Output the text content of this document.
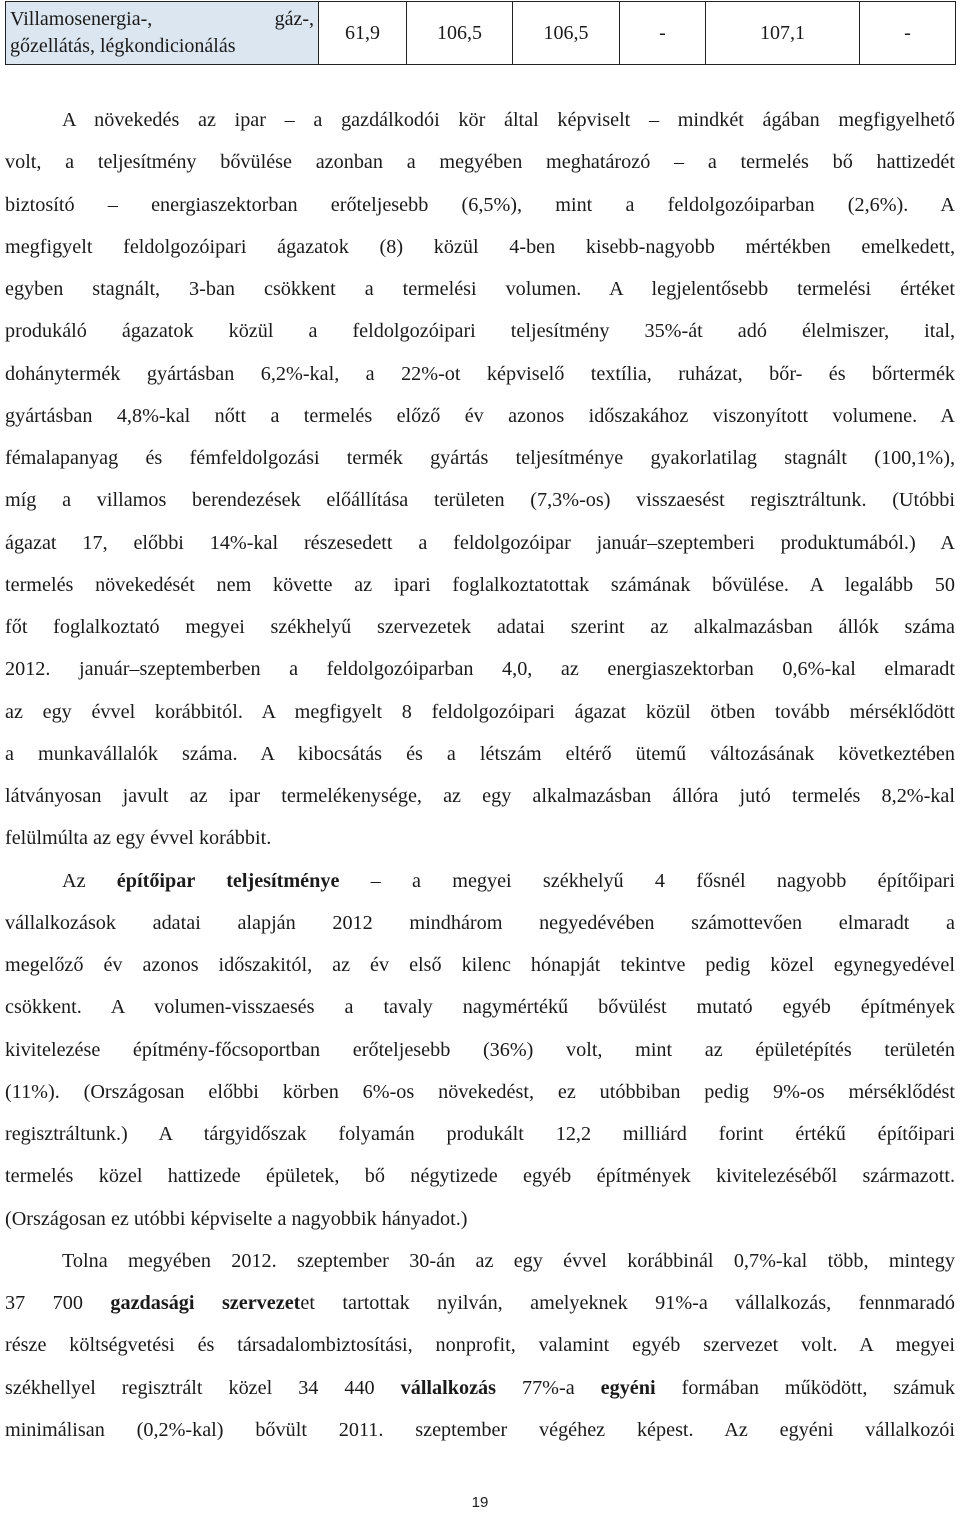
Villamosenergia-, gáz-,
gőzellátás, légkondicionálás
	61,9	106,5	106,5	-	107,1	-
A növekedés az ipar – a gazdálkodói kör által képviselt – mindkét ágában megfigyelhető
volt, a teljesítmény bővülése azonban a megyében meghatározó – a termelés bő hattizedét
biztosító – energiaszektorban erőteljesebb (6,5%), mint a feldolgozóiparban (2,6%). A
megfigyelt feldolgozóipari ágazatok (8) közül 4-ben kisebb-nagyobb mértékben emelkedett,
egyben stagnált, 3-ban csökkent a termelési volumen. A legjelentősebb termelési értéket
produkáló ágazatok közül a feldolgozóipari teljesítmény 35%-át adó élelmiszer, ital,
dohánytermék gyártásban 6,2%-kal, a 22%-ot képviselő textília, ruházat, bőr- és bőrtermék
gyártásban 4,8%-kal nőtt a termelés előző év azonos időszakához viszonyított volumene. A
fémalapanyag és fémfeldolgozási termék gyártás teljesítménye gyakorlatilag stagnált (100,1%),
míg a villamos berendezések előállítása területen (7,3%-os) visszaesést regisztráltunk. (Utóbbi
ágazat 17, előbbi 14%-kal részesedett a feldolgozóipar január–szeptemberi produktumából.) A
termelés növekedését nem követte az ipari foglalkoztatottak számának bővülése. A legalább 50
főt foglalkoztató megyei székhelyű szervezetek adatai szerint az alkalmazásban állók száma
2012. január–szeptemberben a feldolgozóiparban 4,0, az energiaszektorban 0,6%-kal elmaradt
az egy évvel korábbitól. A megfigyelt 8 feldolgozóipari ágazat közül ötben tovább mérséklődött
a munkavállalók száma. A kibocsátás és a létszám eltérő ütemű változásának következtében
látványosan javult az ipar termelékenysége, az egy alkalmazásban állóra jutó termelés 8,2%-kal
felülmúlta az egy évvel korábbit.
Az építőipar teljesítménye – a megyei székhelyű 4 fősnél nagyobb építőipari
vállalkozások adatai alapján 2012 mindhárom negyedévében számottevően elmaradt a
megelőző év azonos időszakitól, az év első kilenc hónapját tekintve pedig közel egynegyedével
csökkent. A volumen-visszaesés a tavaly nagymértékű bővülést mutató egyéb építmények
kivitelezése építmény-főcsoportban erőteljesebb (36%) volt, mint az épületépítés területén
(11%). (Országosan előbbi körben 6%-os növekedést, ez utóbbiban pedig 9%-os mérséklődést
regisztráltunk.) A tárgyidőszak folyamán produkált 12,2 milliárd forint értékű építőipari
termelés közel hattizede épületek, bő négytizede egyéb építmények kivitelezéséből származott.
(Országosan ez utóbbi képviselte a nagyobbik hányadot.)
Tolna megyében 2012. szeptember 30-án az egy évvel korábbinál 0,7%-kal több, mintegy
37 700 gazdasági szervezetet tartottak nyilván, amelyeknek 91%-a vállalkozás, fennmaradó
része költségvetési és társadalombiztosítási, nonprofit, valamint egyéb szervezet volt. A megyei
székhellyel regisztrált közel 34 440 vállalkozás 77%-a egyéni formában működött, számuk
minimálisan (0,2%-kal) bővült 2011. szeptember végéhez képest. Az egyéni vállalkozói
19
